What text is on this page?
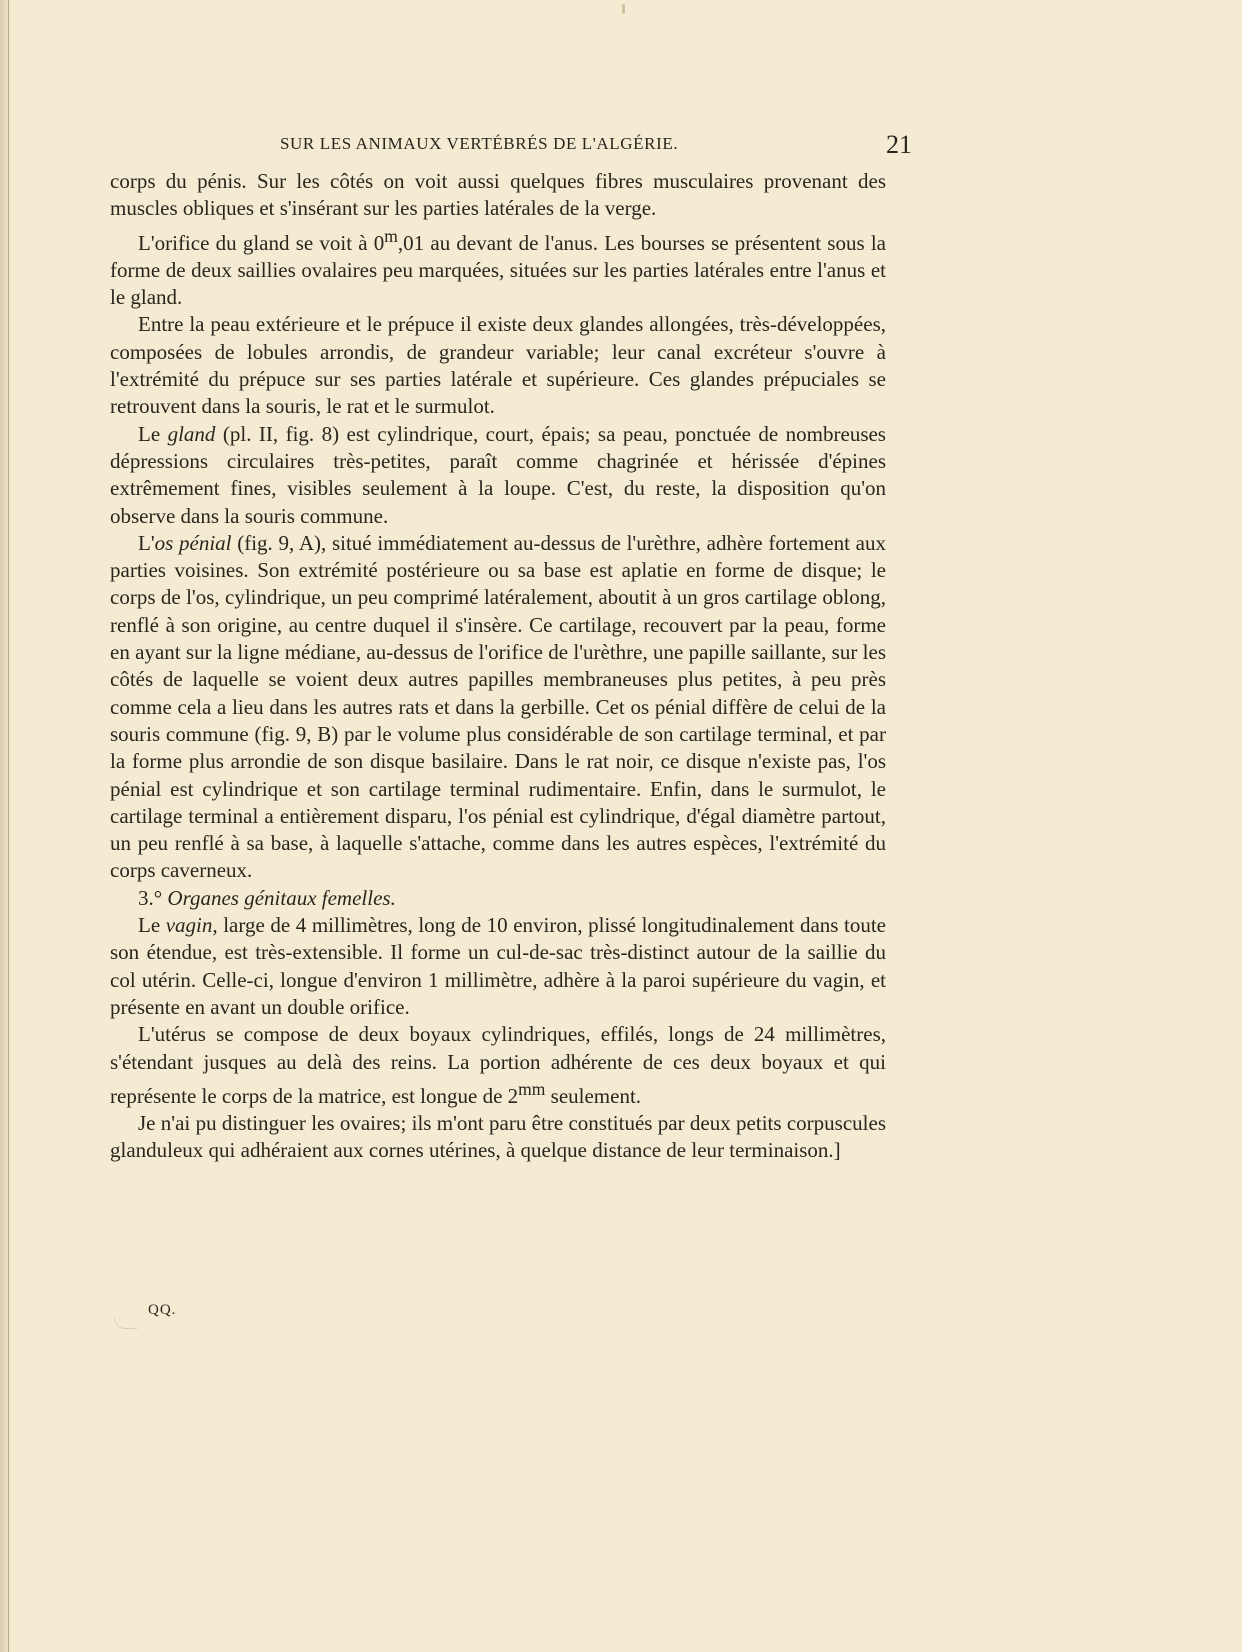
SUR LES ANIMAUX VERTÉBRÉS DE L'ALGÉRIE.	21

corps du pénis. Sur les côtés on voit aussi quelques fibres musculaires provenant des muscles obliques et s'insérant sur les parties latérales de la verge.

L'orifice du gland se voit à 0$^m$,01 au devant de l'anus. Les bourses se présentent sous la forme de deux saillies ovalaires peu marquées, situées sur les parties latérales entre l'anus et le gland.

Entre la peau extérieure et le prépuce il existe deux glandes allongées, très-développées, composées de lobules arrondis, de grandeur variable; leur canal excréteur s'ouvre à l'extrémité du prépuce sur ses parties latérale et supérieure. Ces glandes prépuciales se retrouvent dans la souris, le rat et le surmulot.

Le gland (pl. II, fig. 8) est cylindrique, court, épais; sa peau, ponctuée de nombreuses dépressions circulaires très-petites, paraît comme chagrinée et hérissée d'épines extrêmement fines, visibles seulement à la loupe. C'est, du reste, la disposition qu'on observe dans la souris commune.

L'os pénial (fig. 9, A), situé immédiatement au-dessus de l'urèthre, adhère fortement aux parties voisines. Son extrémité postérieure ou sa base est aplatie en forme de disque; le corps de l'os, cylindrique, un peu comprimé latéralement, aboutit à un gros cartilage oblong, renflé à son origine, au centre duquel il s'insère. Ce cartilage, recouvert par la peau, forme en ayant sur la ligne médiane, au-dessus de l'orifice de l'urèthre, une papille saillante, sur les côtés de laquelle se voient deux autres papilles membraneuses plus petites, à peu près comme cela a lieu dans les autres rats et dans la gerbille. Cet os pénial diffère de celui de la souris commune (fig. 9, B) par le volume plus considérable de son cartilage terminal, et par la forme plus arrondie de son disque basilaire. Dans le rat noir, ce disque n'existe pas, l'os pénial est cylindrique et son cartilage terminal rudimentaire. Enfin, dans le surmulot, le cartilage terminal a entièrement disparu, l'os pénial est cylindrique, d'égal diamètre partout, un peu renflé à sa base, à laquelle s'attache, comme dans les autres espèces, l'extrémité du corps caverneux.

3.° Organes génitaux femelles.

Le vagin, large de 4 millimètres, long de 10 environ, plissé longitudinalement dans toute son étendue, est très-extensible. Il forme un cul-de-sac très-distinct autour de la saillie du col utérin. Celle-ci, longue d'environ 1 millimètre, adhère à la paroi supérieure du vagin, et présente en avant un double orifice.

L'utérus se compose de deux boyaux cylindriques, effilés, longs de 24 millimètres, s'étendant jusques au delà des reins. La portion adhérente de ces deux boyaux et qui représente le corps de la matrice, est longue de $2^{mm}$ seulement.

Je n'ai pu distinguer les ovaires; ils m'ont paru être constitués par deux petits corpuscules glanduleux qui adhéraient aux cornes utérines, à quelque distance de leur terminaison.]

QQ.
